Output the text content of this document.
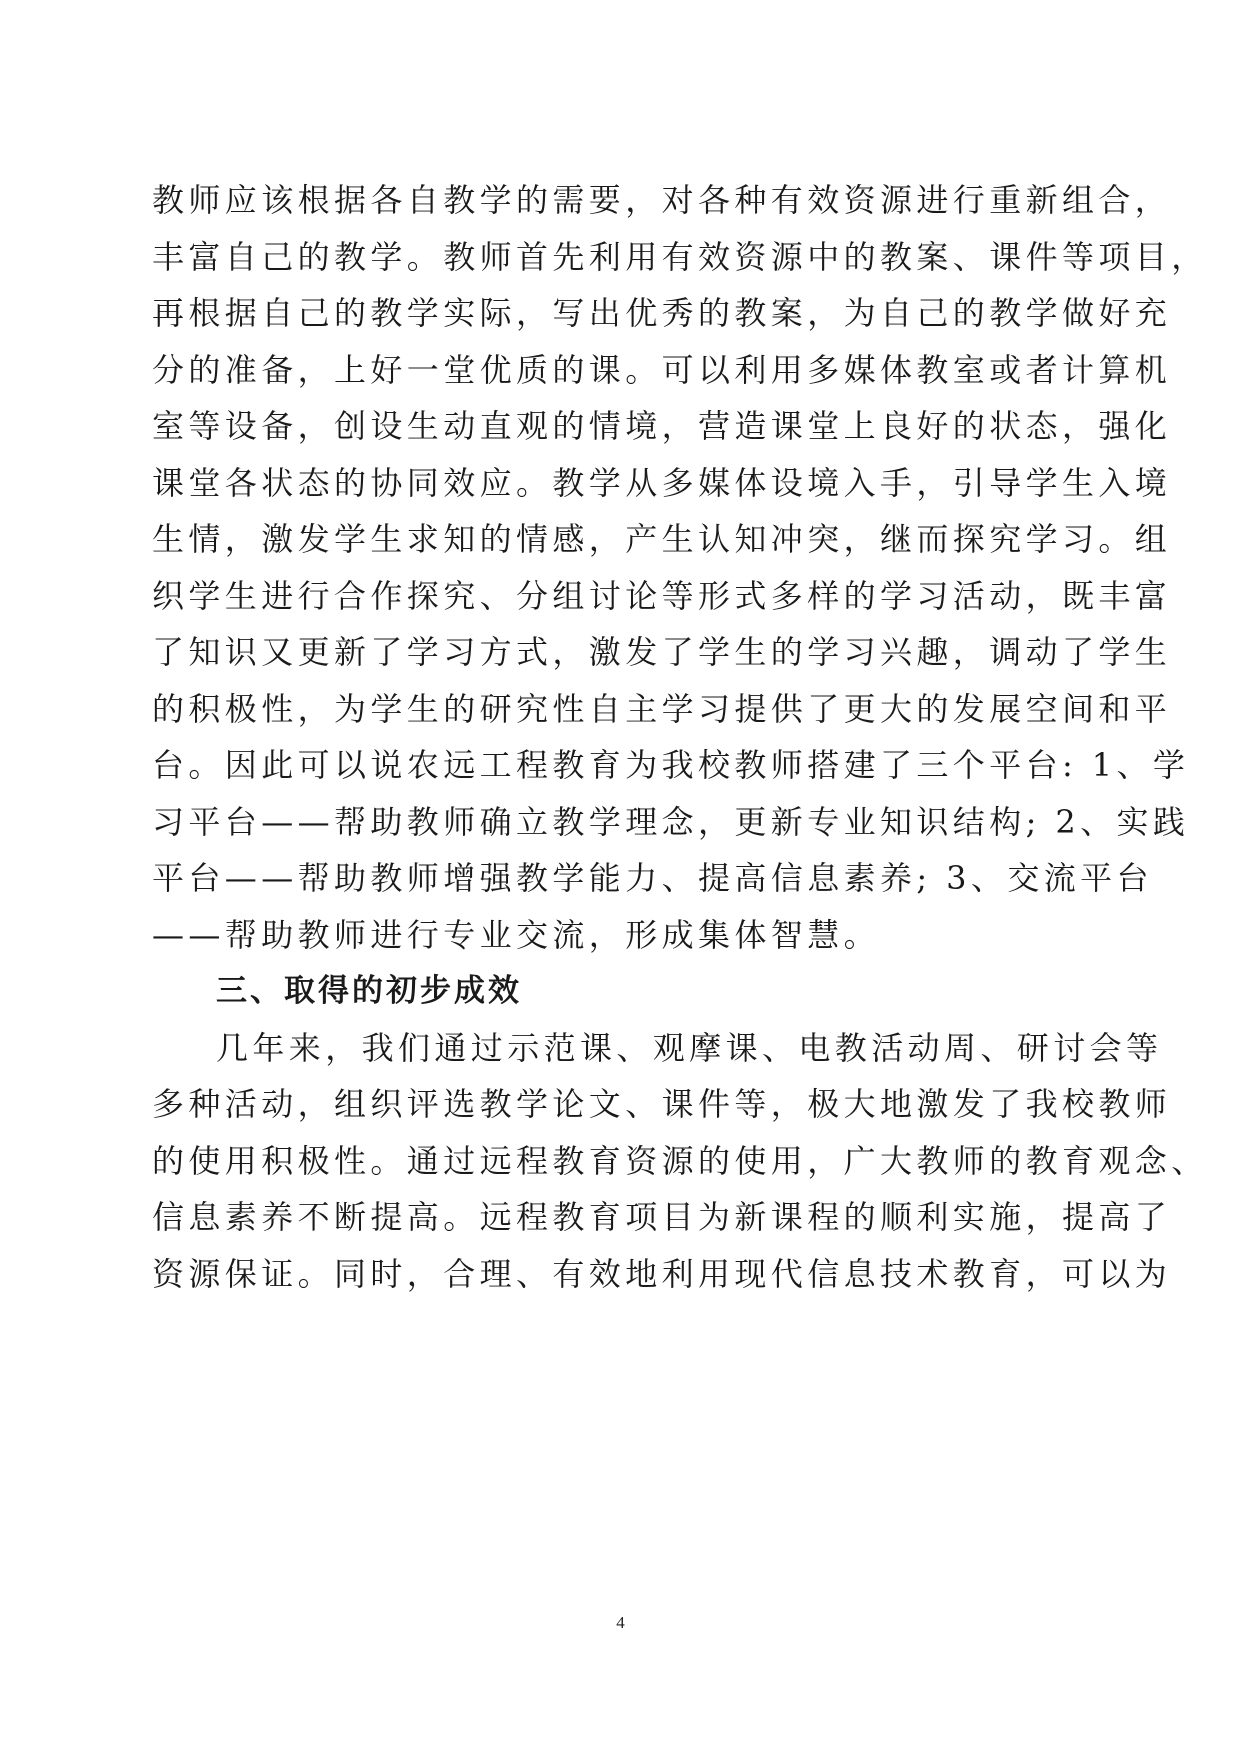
教师应该根据各自教学的需要，对各种有效资源进行重新组合，
丰富自己的教学。教师首先利用有效资源中的教案、课件等项目，
再根据自己的教学实际，写出优秀的教案，为自己的教学做好充
分的准备，上好一堂优质的课。可以利用多媒体教室或者计算机
室等设备，创设生动直观的情境，营造课堂上良好的状态，强化
课堂各状态的协同效应。教学从多媒体设境入手，引导学生入境
生情，激发学生求知的情感，产生认知冲突，继而探究学习。组
织学生进行合作探究、分组讨论等形式多样的学习活动，既丰富
了知识又更新了学习方式，激发了学生的学习兴趣，调动了学生
的积极性，为学生的研究性自主学习提供了更大的发展空间和平
台。因此可以说农远工程教育为我校教师搭建了三个平台: 1、学
习平台——帮助教师确立教学理念，更新专业知识结构; 2、实践
平台——帮助教师增强教学能力、提高信息素养; 3、交流平台
——帮助教师进行专业交流，形成集体智慧。
三、取得的初步成效
几年来，我们通过示范课、观摩课、电教活动周、研讨会等
多种活动，组织评选教学论文、课件等，极大地激发了我校教师
的使用积极性。通过远程教育资源的使用，广大教师的教育观念、
信息素养不断提高。远程教育项目为新课程的顺利实施，提高了
资源保证。同时，合理、有效地利用现代信息技术教育，可以为
4
